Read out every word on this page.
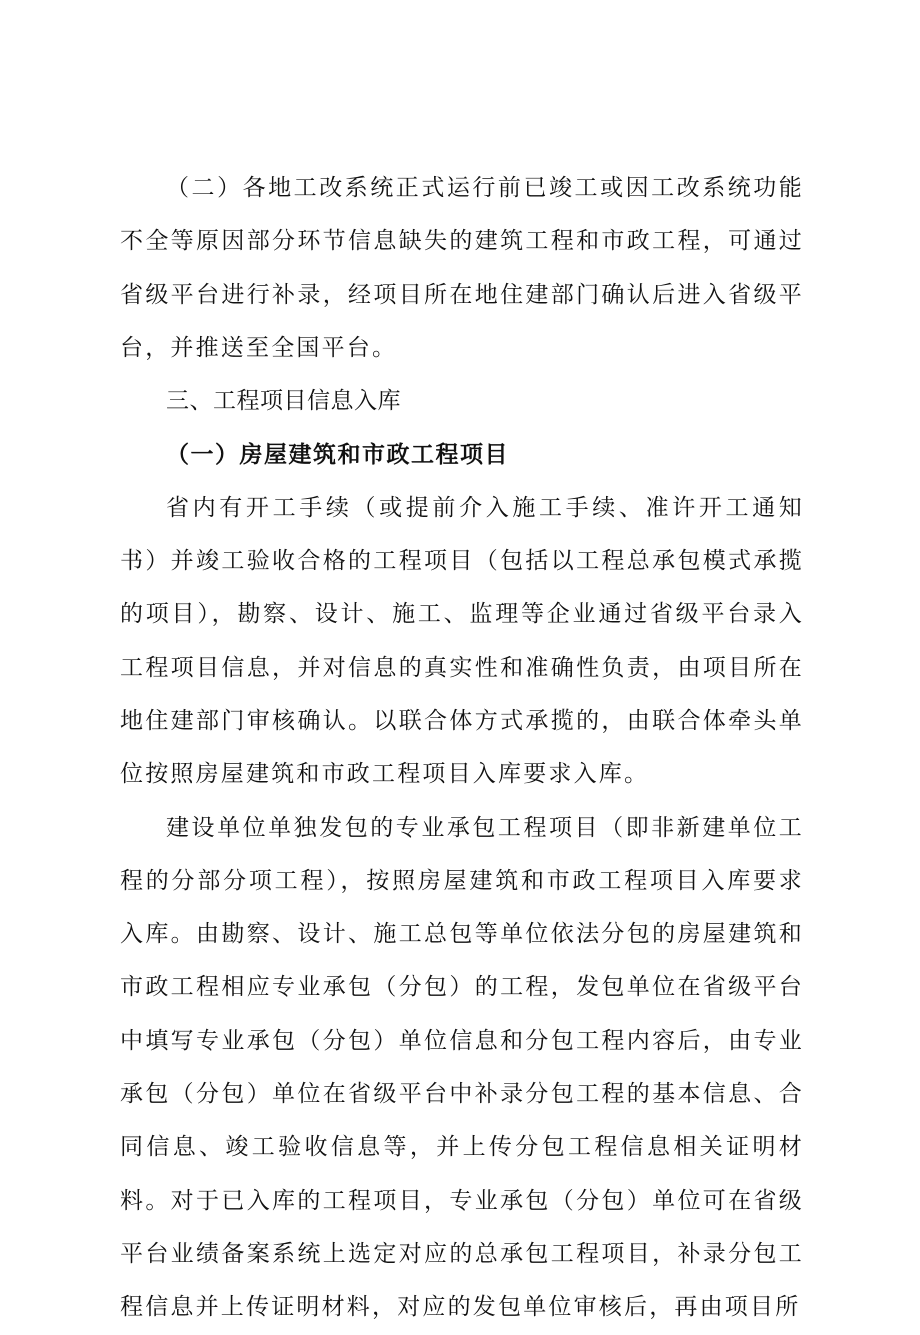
（二）各地工改系统正式运行前已竣工或因工改系统功能不全等原因部分环节信息缺失的建筑工程和市政工程，可通过省级平台进行补录，经项目所在地住建部门确认后进入省级平台，并推送至全国平台。

三、工程项目信息入库
（一）房屋建筑和市政工程项目

省内有开工手续（或提前介入施工手续、准许开工通知书）并竣工验收合格的工程项目（包括以工程总承包模式承揽的项目），勘察、设计、施工、监理等企业通过省级平台录入工程项目信息，并对信息的真实性和准确性负责，由项目所在地住建部门审核确认。以联合体方式承揽的，由联合体牵头单位按照房屋建筑和市政工程项目入库要求入库。

建设单位单独发包的专业承包工程项目（即非新建单位工程的分部分项工程），按照房屋建筑和市政工程项目入库要求入库。由勘察、设计、施工总包等单位依法分包的房屋建筑和市政工程相应专业承包（分包）的工程，发包单位在省级平台中填写专业承包（分包）单位信息和分包工程内容后，由专业承包（分包）单位在省级平台中补录分包工程的基本信息、合同信息、竣工验收信息等，并上传分包工程信息相关证明材料。对于已入库的工程项目，专业承包（分包）单位可在省级平台业绩备案系统上选定对应的总承包工程项目，补录分包工程信息并上传证明材料，对应的发包单位审核后，再由项目所
